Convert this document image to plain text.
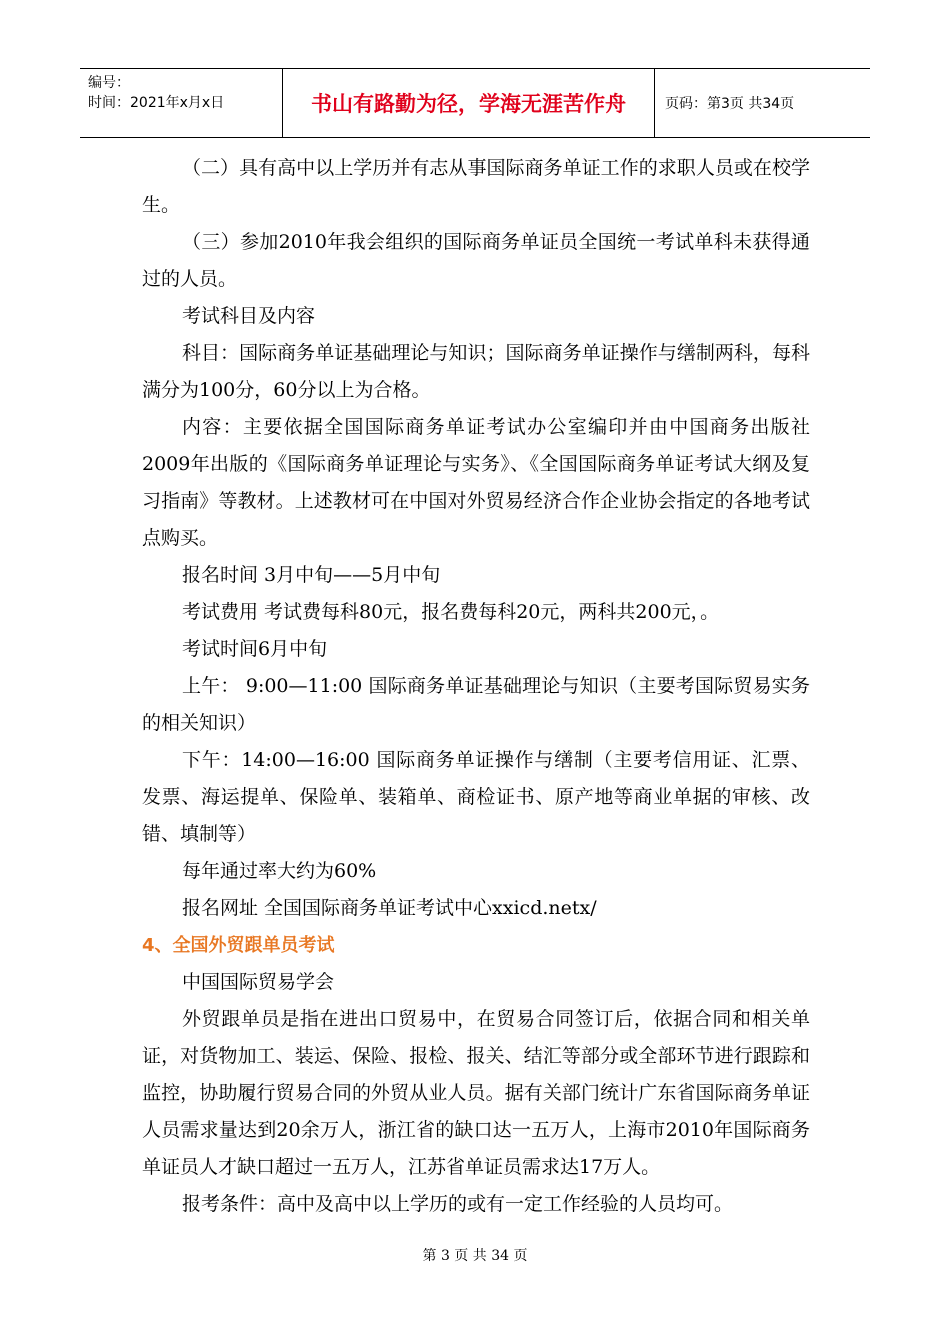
编号：
时间：2021年x月x日	书山有路勤为径，学海无涯苦作舟	页码：第3页 共34页

（二）具有高中以上学历并有志从事国际商务单证工作的求职人员或在校学生。

（三）参加2010年我会组织的国际商务单证员全国统一考试单科未获得通过的人员。

考试科目及内容

科目：国际商务单证基础理论与知识；国际商务单证操作与缮制两科，每科满分为100分，60分以上为合格。

内容：主要依据全国国际商务单证考试办公室编印并由中国商务出版社2009年出版的《国际商务单证理论与实务》、《全国国际商务单证考试大纲及复习指南》等教材。上述教材可在中国对外贸易经济合作企业协会指定的各地考试点购买。

报名时间 3月中旬——5月中旬

考试费用 考试费每科80元，报名费每科20元，两科共200元，。

考试时间6月中旬

上午： 9:00—11:00 国际商务单证基础理论与知识（主要考国际贸易实务的相关知识）

下午：14:00—16:00 国际商务单证操作与缮制（主要考信用证、汇票、发票、海运提单、保险单、装箱单、商检证书、原产地等商业单据的审核、改错、填制等）

每年通过率大约为60%

报名网址 全国国际商务单证考试中心xxicd.netx/

4、全国外贸跟单员考试

中国国际贸易学会

外贸跟单员是指在进出口贸易中，在贸易合同签订后，依据合同和相关单证，对货物加工、装运、保险、报检、报关、结汇等部分或全部环节进行跟踪和监控，协助履行贸易合同的外贸从业人员。据有关部门统计广东省国际商务单证人员需求量达到20余万人，浙江省的缺口达一五万人，上海市2010年国际商务单证员人才缺口超过一五万人，江苏省单证员需求达17万人。

报考条件：高中及高中以上学历的或有一定工作经验的人员均可。

第 3 页 共 34 页
